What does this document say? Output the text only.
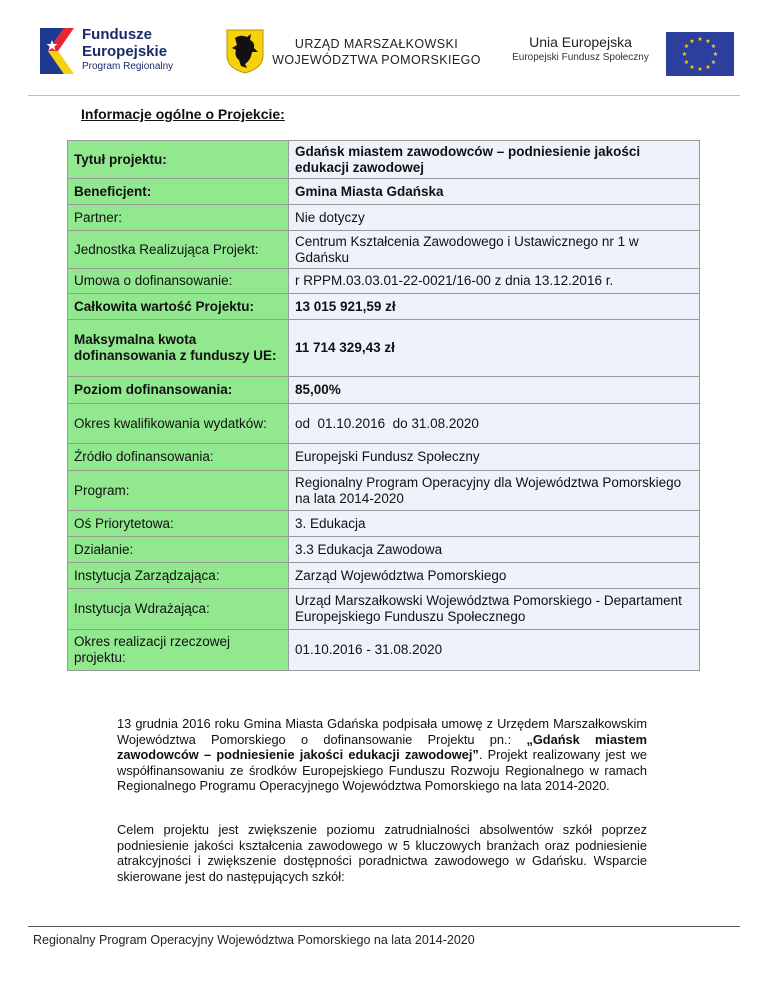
Fundusze
Europejskie
Program Regionalny
URZĄD MARSZAŁKOWSKI
WOJEWÓDZTWA POMORSKIEGO
Unia Europejska
Europejski Fundusz Społeczny
★ ★
★
★
★
★
★
★
★
★
★
★
Informacje ogólne o Projekcie:
Tytuł projektu:	Gdańsk miastem zawodowców – podniesienie jakości edukacji zawodowej
Beneficjent:	Gmina Miasta Gdańska
Partner:	Nie dotyczy
Jednostka Realizująca Projekt:	Centrum Kształcenia Zawodowego i Ustawicznego nr 1 w Gdańsku
Umowa o dofinansowanie:	r RPPM.03.03.01-22-0021/16-00 z dnia 13.12.2016 r.
Całkowita wartość Projektu:	13 015 921,59 zł
Maksymalna kwota dofinansowania z funduszy UE:	11 714 329,43 zł
Poziom dofinansowania:	85,00%
Okres kwalifikowania wydatków:	od  01.10.2016  do 31.08.2020
Źródło dofinansowania:	Europejski Fundusz Społeczny
Program:	Regionalny Program Operacyjny dla Województwa Pomorskiego na lata 2014-2020
Oś Priorytetowa:	3. Edukacja
Działanie:	3.3 Edukacja Zawodowa
Instytucja Zarządzająca:	Zarząd Województwa Pomorskiego
Instytucja Wdrażająca:	Urząd Marszałkowski Województwa Pomorskiego - Departament Europejskiego Funduszu Społecznego
Okres realizacji rzeczowej projektu:	01.10.2016 - 31.08.2020
13 grudnia 2016 roku Gmina Miasta Gdańska podpisała umowę z Urzędem Marszałkowskim Województwa Pomorskiego o dofinansowanie Projektu pn.: „Gdańsk miastem zawodowców – podniesienie jakości edukacji zawodowej”. Projekt realizowany jest we współfinansowaniu ze środków Europejskiego Funduszu Rozwoju Regionalnego w ramach Regionalnego Programu Operacyjnego Województwa Pomorskiego na lata 2014-2020.
Celem projektu jest zwiększenie poziomu zatrudnialności absolwentów szkół poprzez podniesienie jakości kształcenia zawodowego w 5 kluczowych branżach oraz podniesienie atrakcyjności i zwiększenie dostępności poradnictwa zawodowego w Gdańsku. Wsparcie skierowane jest do następujących szkół:
Regionalny Program Operacyjny Województwa Pomorskiego na lata 2014-2020
